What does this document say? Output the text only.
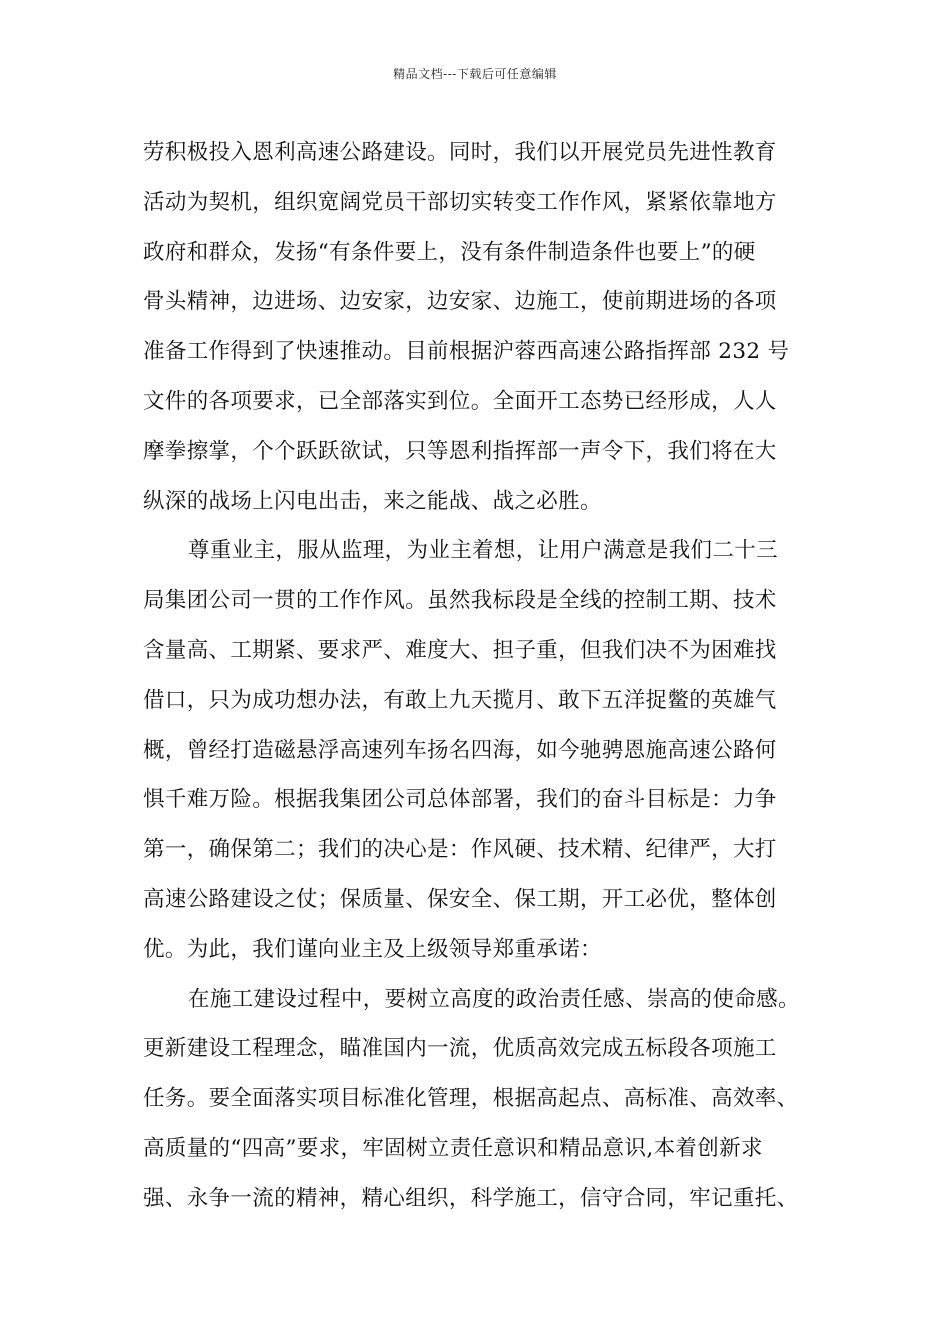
精品文档---下载后可任意编辑
劳积极投入恩利高速公路建设。同时，我们以开展党员先进性教育
活动为契机，组织宽阔党员干部切实转变工作作风，紧紧依靠地方
政府和群众，发扬“有条件要上，没有条件制造条件也要上”的硬
骨头精神，边进场、边安家，边安家、边施工，使前期进场的各项
准备工作得到了快速推动。目前根据沪蓉西高速公路指挥部 232 号
文件的各项要求，已全部落实到位。全面开工态势已经形成，人人
摩拳擦掌，个个跃跃欲试，只等恩利指挥部一声令下，我们将在大
纵深的战场上闪电出击，来之能战、战之必胜。
尊重业主，服从监理，为业主着想，让用户满意是我们二十三
局集团公司一贯的工作作风。虽然我标段是全线的控制工期、技术
含量高、工期紧、要求严、难度大、担子重，但我们决不为困难找
借口，只为成功想办法，有敢上九天揽月、敢下五洋捉鳖的英雄气
概，曾经打造磁悬浮高速列车扬名四海，如今驰骋恩施高速公路何
惧千难万险。根据我集团公司总体部署，我们的奋斗目标是：力争
第一，确保第二；我们的决心是：作风硬、技术精、纪律严，大打
高速公路建设之仗；保质量、保安全、保工期，开工必优，整体创
优。为此，我们谨向业主及上级领导郑重承诺：
在施工建设过程中，要树立高度的政治责任感、崇高的使命感。
更新建设工程理念，瞄准国内一流，优质高效完成五标段各项施工
任务。要全面落实项目标准化管理，根据高起点、高标准、高效率、
高质量的“四高”要求，牢固树立责任意识和精品意识,本着创新求
强、永争一流的精神，精心组织，科学施工，信守合同，牢记重托、
